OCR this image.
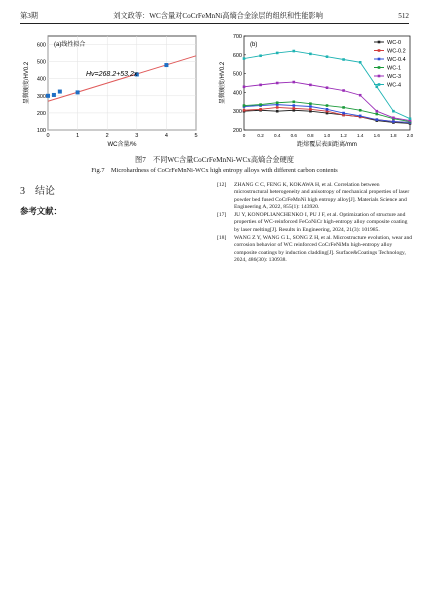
第3期	刘文政等：WC含量对CoCrFeMnNi高熵合金涂层的组织和性能影响	512
0	1	2	3	4	5
100
200
300
400
500
600 (a)线性拟合
Hv=268.2+53.2x
WC含量/%
显微硬度/HV0.2
0	0.2 0.4 0.6 0.8 1.0 1.2 1.4 1.6 1.8 2.0
200
300
400
500
600
700
WC-0
WC-0.2
WC-0.4
WC-1
WC-3
WC-4
(b)
距熔覆层表面距离/mm
显微硬度/HV0.2
图7　不同WC含量CoCrFeMnNi-WCx高熵合金硬度
Fig.7　Microhardness of CoCrFeMnNi-WCx high entropy alloys with different carbon contents
3　结论
参考文献：
[12]	ZHANG C C, FENG K, KOKAWA H, et al. Correlation between microstructural heterogeneity and anisotropy of mechanical properties of laser powder bed fused CoCrFeMnNi high entropy alloy[J]. Materials Science and Engineering A, 2022, 855(1): 143920.
[17]	JU Y, KONOPLIANCHENKO I, PU J F, et al. Optimization of structure and properties of WC-reinforced FeCoNiCr high-entropy alloy composite coating by laser melting[J]. Results in Engineering, 2024, 21(3): 101985.
[18]	WANG Z Y, WANG G L, SONG Z H, et al. Microstructure evolution, wear and corrosion behavior of WC reinforced CoCrFeNiMn high-entropy alloy composite coatings by induction cladding[J]. Surface&Coatings Technology, 2024, 486(30): 130938.
